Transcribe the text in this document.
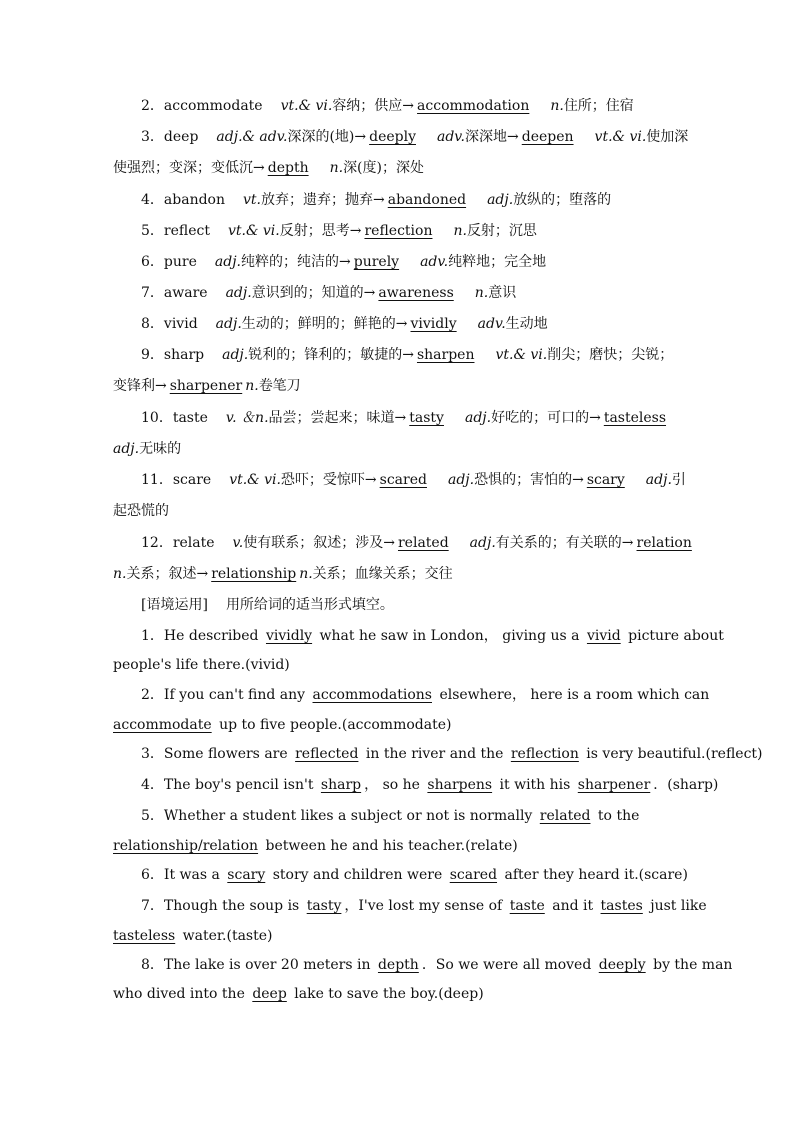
2．accommodate vt.& vi.容纳；供应→ accommodation n.住所；住宿
3．deep adj.& adv.深深的(地)→ deeply adv.深深地→ deepen vt.& vi.使加深
使强烈；变深；变低沉→ depth n.深(度)；深处
4．abandon vt.放弃；遗弃；抛弃→ abandoned adj.放纵的；堕落的
5．reflect vt.& vi.反射；思考→ reflection n.反射；沉思
6．pure adj.纯粹的；纯洁的→ purely adv.纯粹地；完全地
7．aware adj.意识到的；知道的→ awareness n.意识
8．vivid adj.生动的；鲜明的；鲜艳的→ vividly adv.生动地
9．sharp adj.锐利的；锋利的；敏捷的→ sharpen vt.& vi.削尖；磨快；尖锐；
变锋利→ sharpener n.卷笔刀
10．taste v. ＆n.品尝；尝起来；味道→ tasty adj.好吃的；可口的→ tasteless
adj.无味的
11．scare vt.& vi.恐吓；受惊吓→ scared adj.恐惧的；害怕的→ scary adj.引
起恐慌的
12．relate v.使有联系；叙述；涉及→ related adj.有关系的；有关联的→ relation
n.关系；叙述→ relationship n.关系；血缘关系；交往
[语境运用] 用所给词的适当形式填空。
1．He described vividly what he saw in London， giving us a vivid picture about
people's life there.(vivid)
2．If you can't find any accommodations elsewhere， here is a room which can
accommodate up to five people.(accommodate)
3．Some flowers are reflected in the river and the reflection is very beautiful.(reflect)
4．The boy's pencil isn't sharp ， so he sharpens it with his sharpener ．(sharp)
5．Whether a student likes a subject or not is normally related to the
relationship/relation between he and his teacher.(relate)
6．It was a scary story and children were scared after they heard it.(scare)
7．Though the soup is tasty ，I've lost my sense of taste and it tastes just like
tasteless water.(taste)
8．The lake is over 20 meters in depth ．So we were all moved deeply by the man
who dived into the deep lake to save the boy.(deep)
